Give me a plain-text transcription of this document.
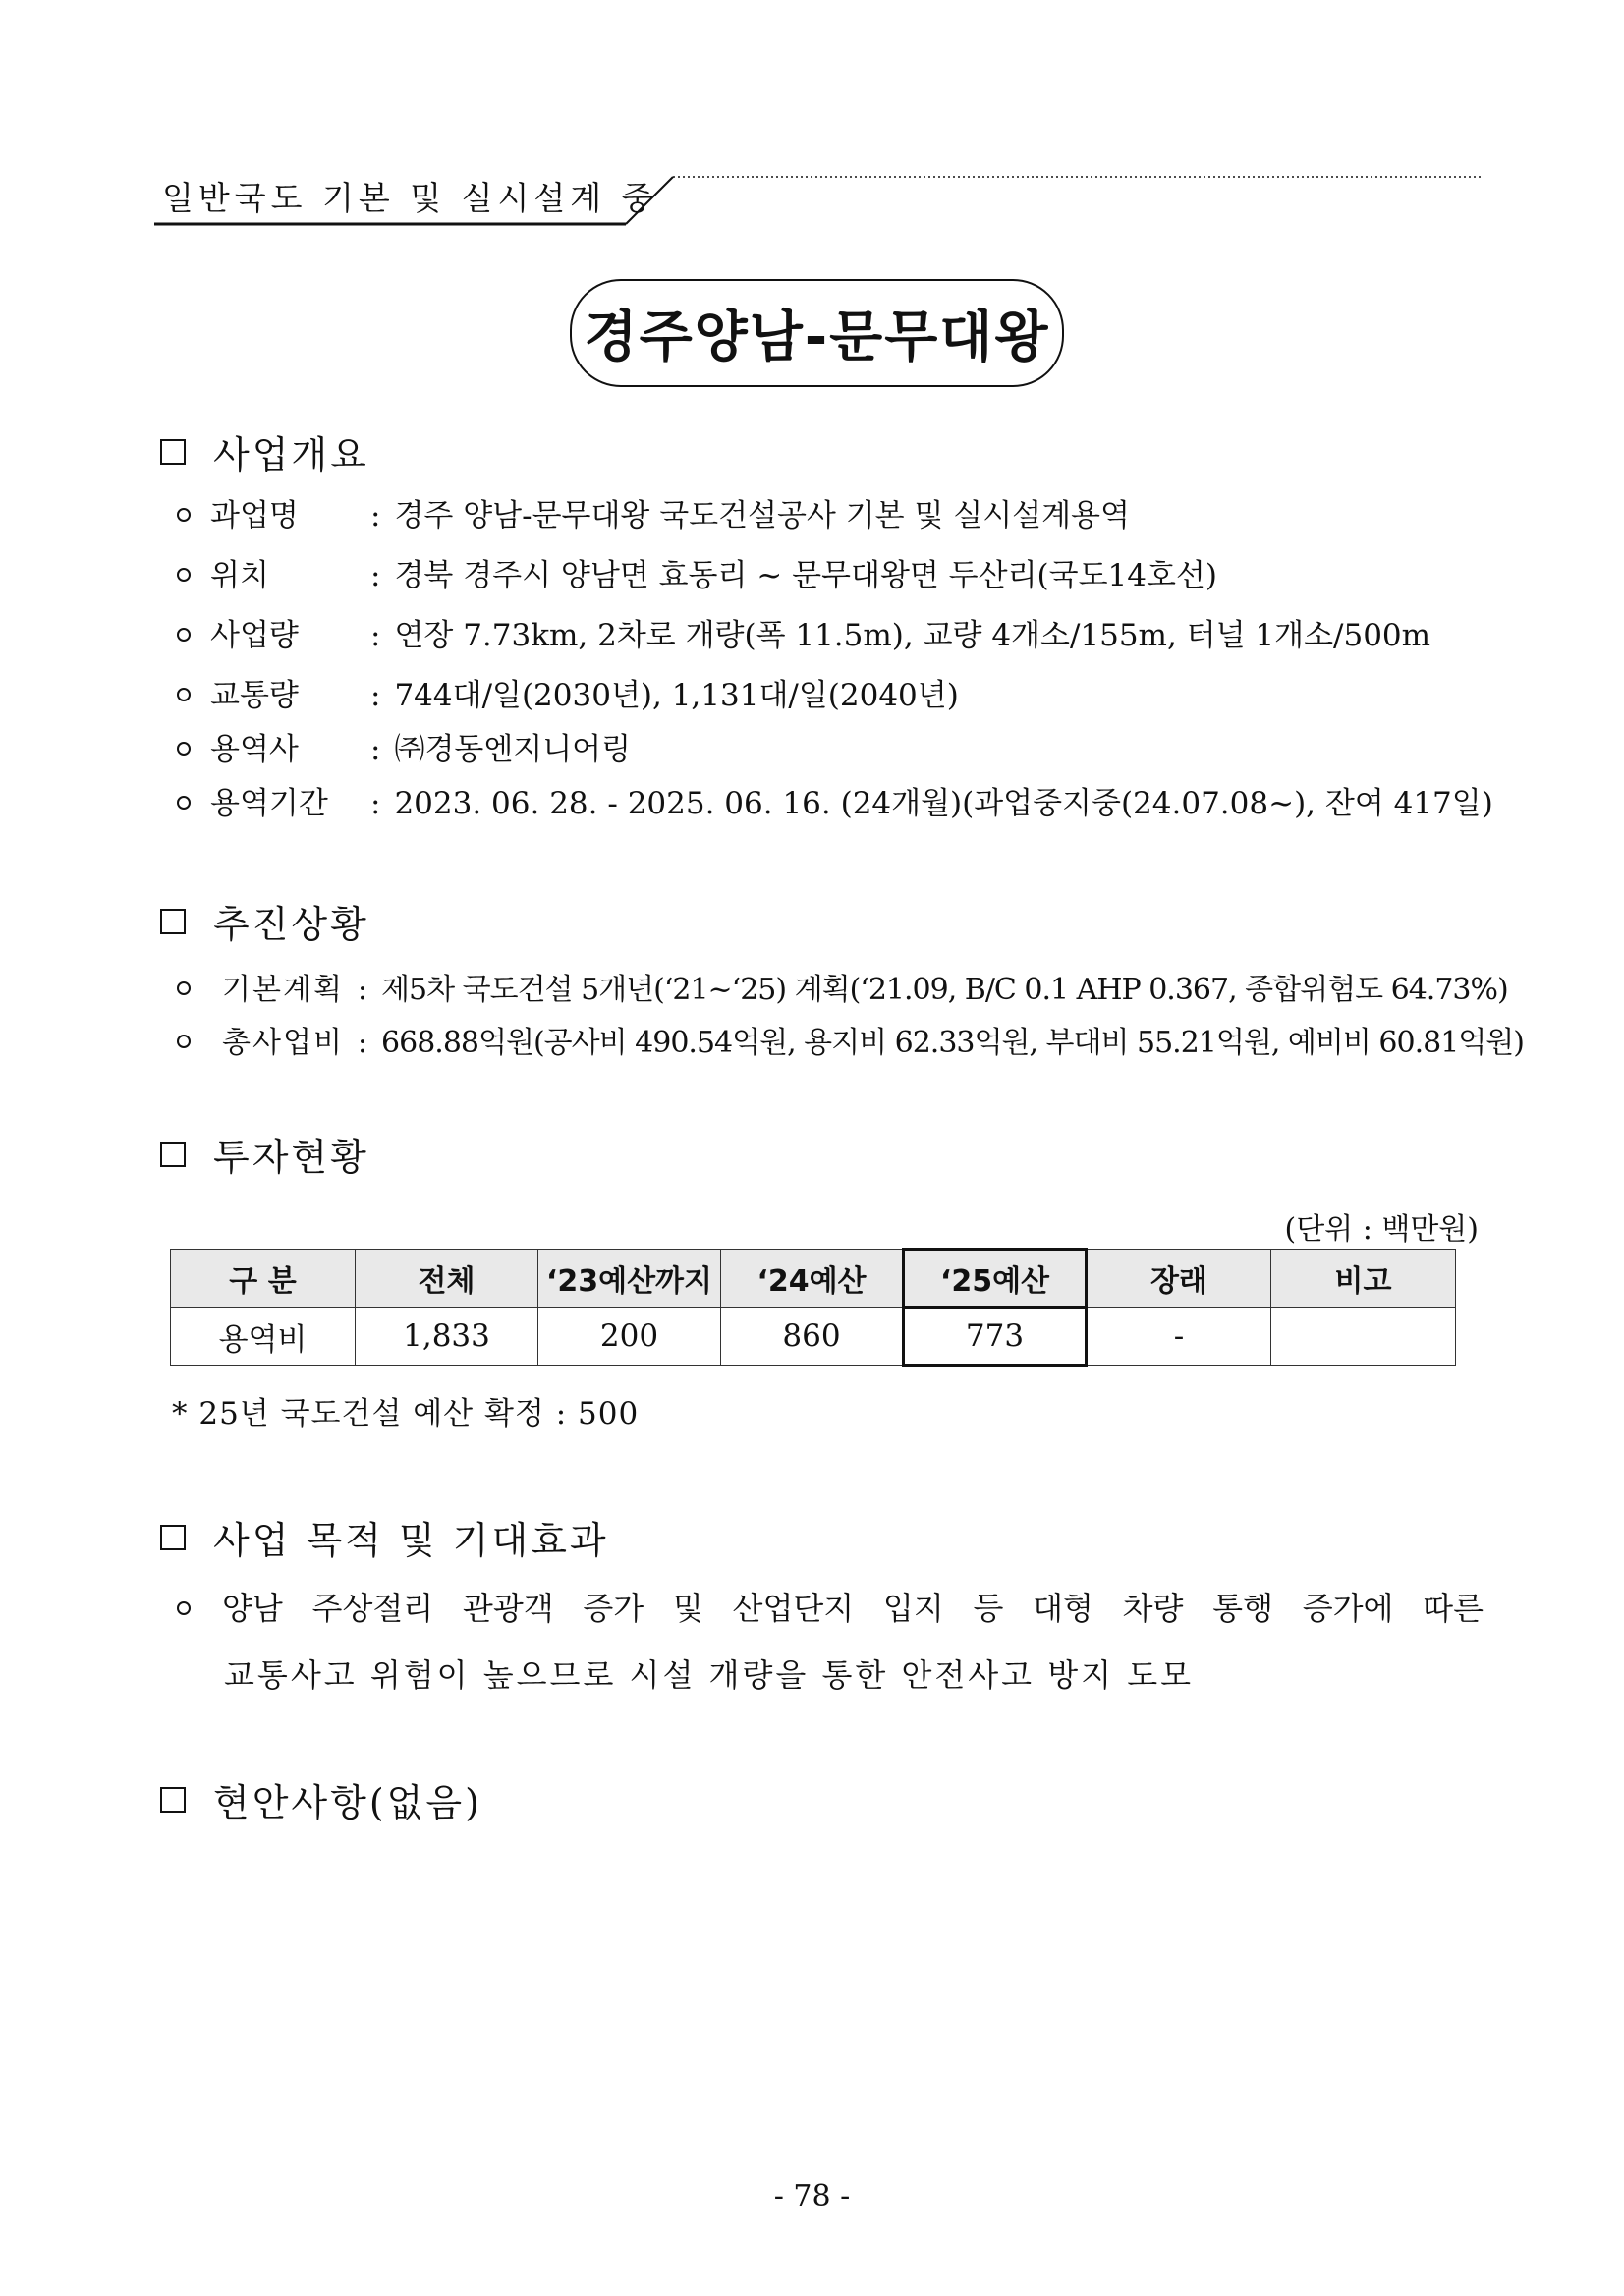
일반국도 기본 및 실시설계 중
경주양남-문무대왕
사업개요
과업명	: 경주 양남-문무대왕 국도건설공사 기본 및 실시설계용역
위치	: 경북 경주시 양남면 효동리 ~ 문무대왕면 두산리(국도14호선)
사업량	: 연장 7.73km, 2차로 개량(폭 11.5m), 교량 4개소/155m, 터널 1개소/500m
교통량	: 744대/일(2030년), 1,131대/일(2040년)
용역사	: ㈜경동엔지니어링
용역기간	: 2023. 06. 28. - 2025. 06. 16. (24개월)(과업중지중(24.07.08~), 잔여 417일)
추진상황
기본계획 : 제5차 국도건설 5개년(‘21~‘25) 계획(‘21.09, B/C 0.1 AHP 0.367, 종합위험도 64.73%)
총사업비 : 668.88억원(공사비 490.54억원, 용지비 62.33억원, 부대비 55.21억원, 예비비 60.81억원)
투자현황
(단위 : 백만원)
구 분	전체	‘23예산까지	‘24예산	‘25예산	장래	비고
용역비	1,833	200	860	773	-	
* 25년 국도건설 예산 확정 : 500
사업 목적 및 기대효과
양남 주상절리 관광객 증가 및 산업단지 입지 등 대형 차량 통행 증가에 따른
교통사고 위험이 높으므로 시설 개량을 통한 안전사고 방지 도모
현안사항(없음)
- 78 -
